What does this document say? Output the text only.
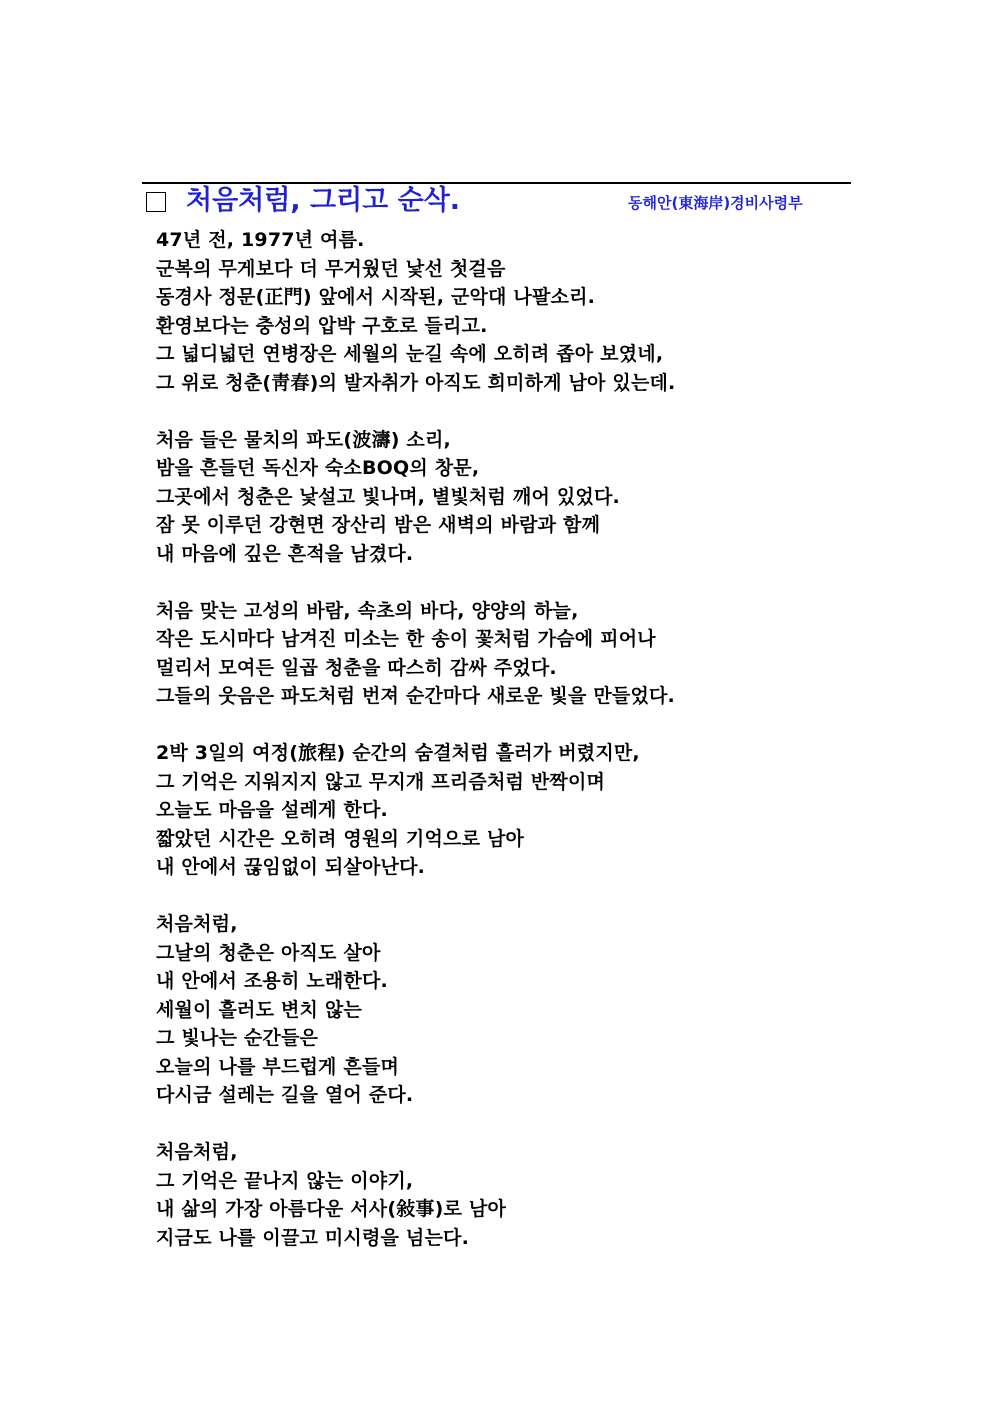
처음처럼, 그리고 순삭.	동해안(東海岸)경비사령부
47년 전, 1977년 여름.
군복의 무게보다 더 무거웠던 낯선 첫걸음
동경사 정문(正門) 앞에서 시작된, 군악대 나팔소리.
환영보다는 충성의 압박 구호로 들리고.
그 넓디넓던 연병장은 세월의 눈길 속에 오히려 좁아 보였네,
그 위로 청춘(靑春)의 발자취가 아직도 희미하게 남아 있는데.
처음 들은 물치의 파도(波濤) 소리,
밤을 흔들던 독신자 숙소BOQ의 창문,
그곳에서 청춘은 낯설고 빛나며, 별빛처럼 깨어 있었다.
잠 못 이루던 강현면 장산리 밤은 새벽의 바람과 함께
내 마음에 깊은 흔적을 남겼다.
처음 맞는 고성의 바람, 속초의 바다, 양양의 하늘,
작은 도시마다 남겨진 미소는 한 송이 꽃처럼 가슴에 피어나
멀리서 모여든 일곱 청춘을 따스히 감싸 주었다.
그들의 웃음은 파도처럼 번져 순간마다 새로운 빛을 만들었다.
2박 3일의 여정(旅程) 순간의 숨결처럼 흘러가 버렸지만,
그 기억은 지워지지 않고 무지개 프리즘처럼 반짝이며
오늘도 마음을 설레게 한다.
짧았던 시간은 오히려 영원의 기억으로 남아
내 안에서 끊임없이 되살아난다.
처음처럼,
그날의 청춘은 아직도 살아
내 안에서 조용히 노래한다.
세월이 흘러도 변치 않는
그 빛나는 순간들은
오늘의 나를 부드럽게 흔들며
다시금 설레는 길을 열어 준다.
처음처럼,
그 기억은 끝나지 않는 이야기,
내 삶의 가장 아름다운 서사(敍事)로 남아
지금도 나를 이끌고 미시령을 넘는다.
